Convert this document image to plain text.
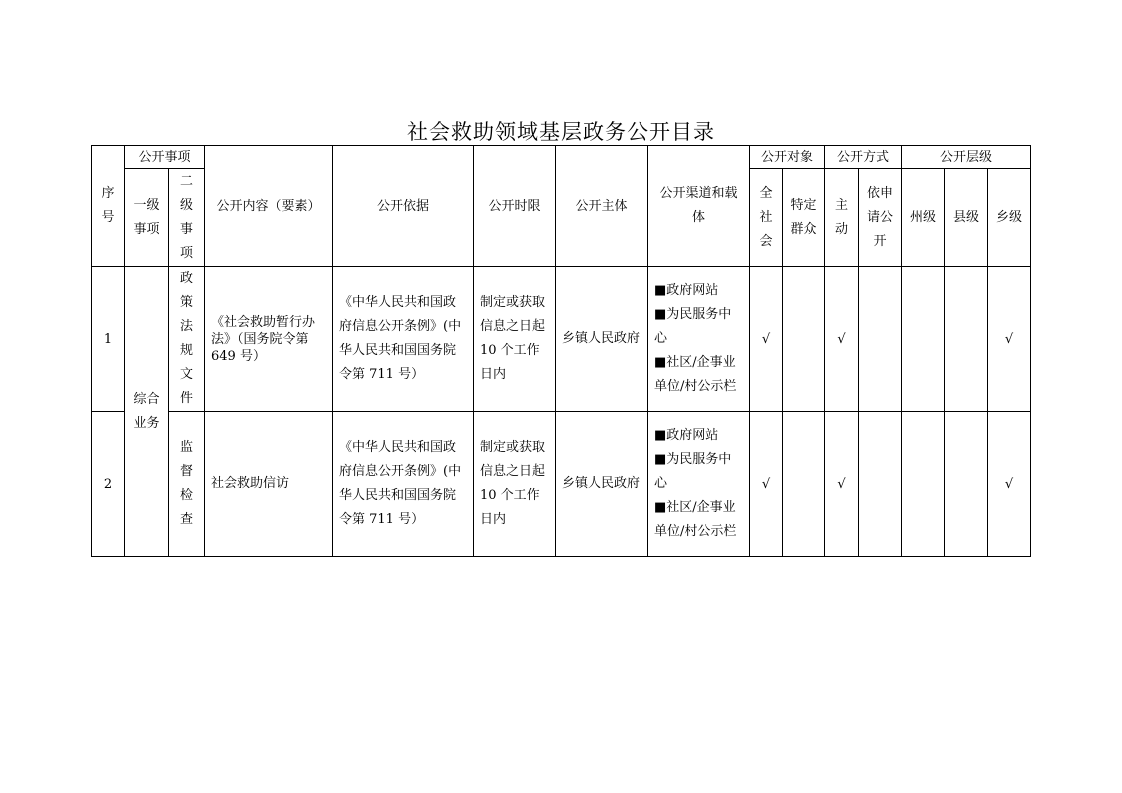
社会救助领域基层政务公开目录
序号	公开事项		公开内容（要素）	公开依据	公开时限	公开主体	公开渠道和载体	公开对象		公开方式		公开层级		
	一级事项	二级事项						全社会	特定群众	主动	依申请公开	州级	县级	乡级
1	综合业务	政策法规文件	《社会救助暂行办法》（国务院令第 649 号）	《中华人民共和国政府信息公开条例》(中华人民共和国国务院令第 711 号）	制定或获取信息之日起 10 个工作日内	乡镇人民政府	■政府网站
■为民服务中心
■社区/企事业单位/村公示栏	√		√				√
2		监督检查	社会救助信访	《中华人民共和国政府信息公开条例》(中华人民共和国国务院令第 711 号）	制定或获取信息之日起 10 个工作日内	乡镇人民政府	■政府网站
■为民服务中心
■社区/企事业单位/村公示栏	√		√				√
